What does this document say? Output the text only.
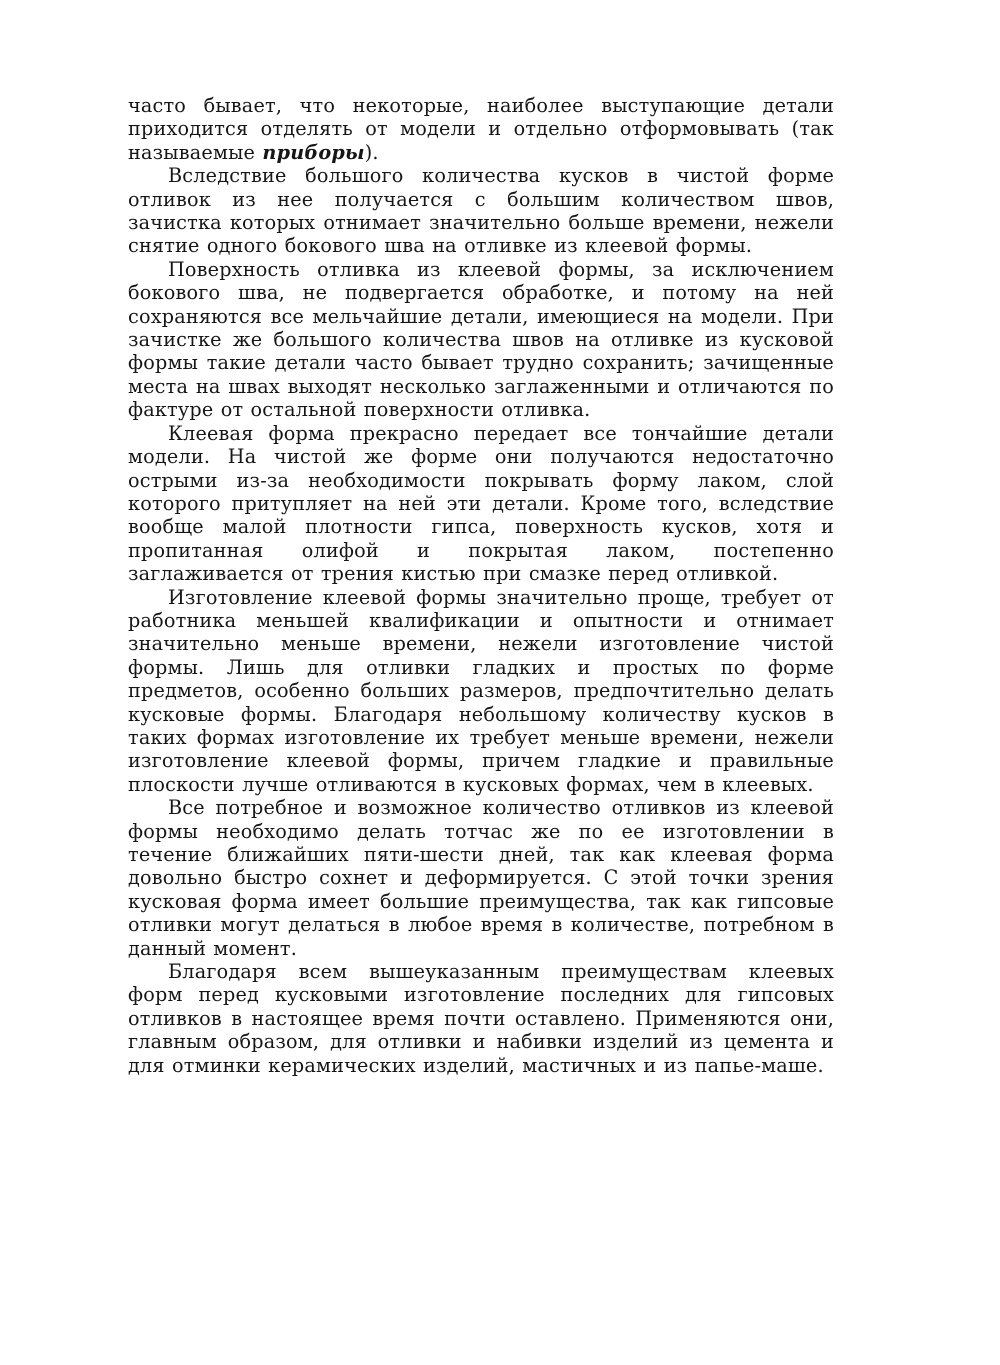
часто бывает, что некоторые, наиболее выступающие детали приходится отделять от модели и отдельно отформовывать (так называемые приборы).

Вследствие большого количества кусков в чистой форме отливок из нее получается с большим количеством швов, зачистка которых отнимает значительно больше времени, нежели снятие одного бокового шва на отливке из клеевой формы.

Поверхность отливка из клеевой формы, за исключением бокового шва, не подвергается обработке, и потому на ней сохраняются все мельчайшие детали, имеющиеся на модели. При зачистке же большого количества швов на отливке из кусковой формы такие детали часто бывает трудно сохранить; зачищенные места на швах выходят несколько заглаженными и отличаются по фактуре от остальной поверхности отливка.

Клеевая форма прекрасно передает все тончайшие детали модели. На чистой же форме они получаются недостаточно острыми из-за необходимости покрывать форму лаком, слой которого притупляет на ней эти детали. Кроме того, вследствие вообще малой плотности гипса, поверхность кусков, хотя и пропитанная олифой и покрытая лаком, постепенно заглаживается от трения кистью при смазке перед отливкой.

Изготовление клеевой формы значительно проще, требует от работника меньшей квалификации и опытности и отнимает значительно меньше времени, нежели изготовление чистой формы. Лишь для отливки гладких и простых по форме предметов, особенно больших размеров, предпочтительно делать кусковые формы. Благодаря небольшому количеству кусков в таких формах изготовление их требует меньше времени, нежели изготовление клеевой формы, причем гладкие и правильные плоскости лучше отливаются в кусковых формах, чем в клеевых.

Все потребное и возможное количество отливков из клеевой формы необходимо делать тотчас же по ее изготовлении в течение ближайших пяти-шести дней, так как клеевая форма довольно быстро сохнет и деформируется. С этой точки зрения кусковая форма имеет большие преимущества, так как гипсовые отливки могут делаться в любое время в количестве, потребном в данный момент.

Благодаря всем вышеуказанным преимуществам клеевых форм перед кусковыми изготовление последних для гипсовых отливков в настоящее время почти оставлено. Применяются они, главным образом, для отливки и набивки изделий из цемента и для отминки керамических изделий, мастичных и из папье-маше.
